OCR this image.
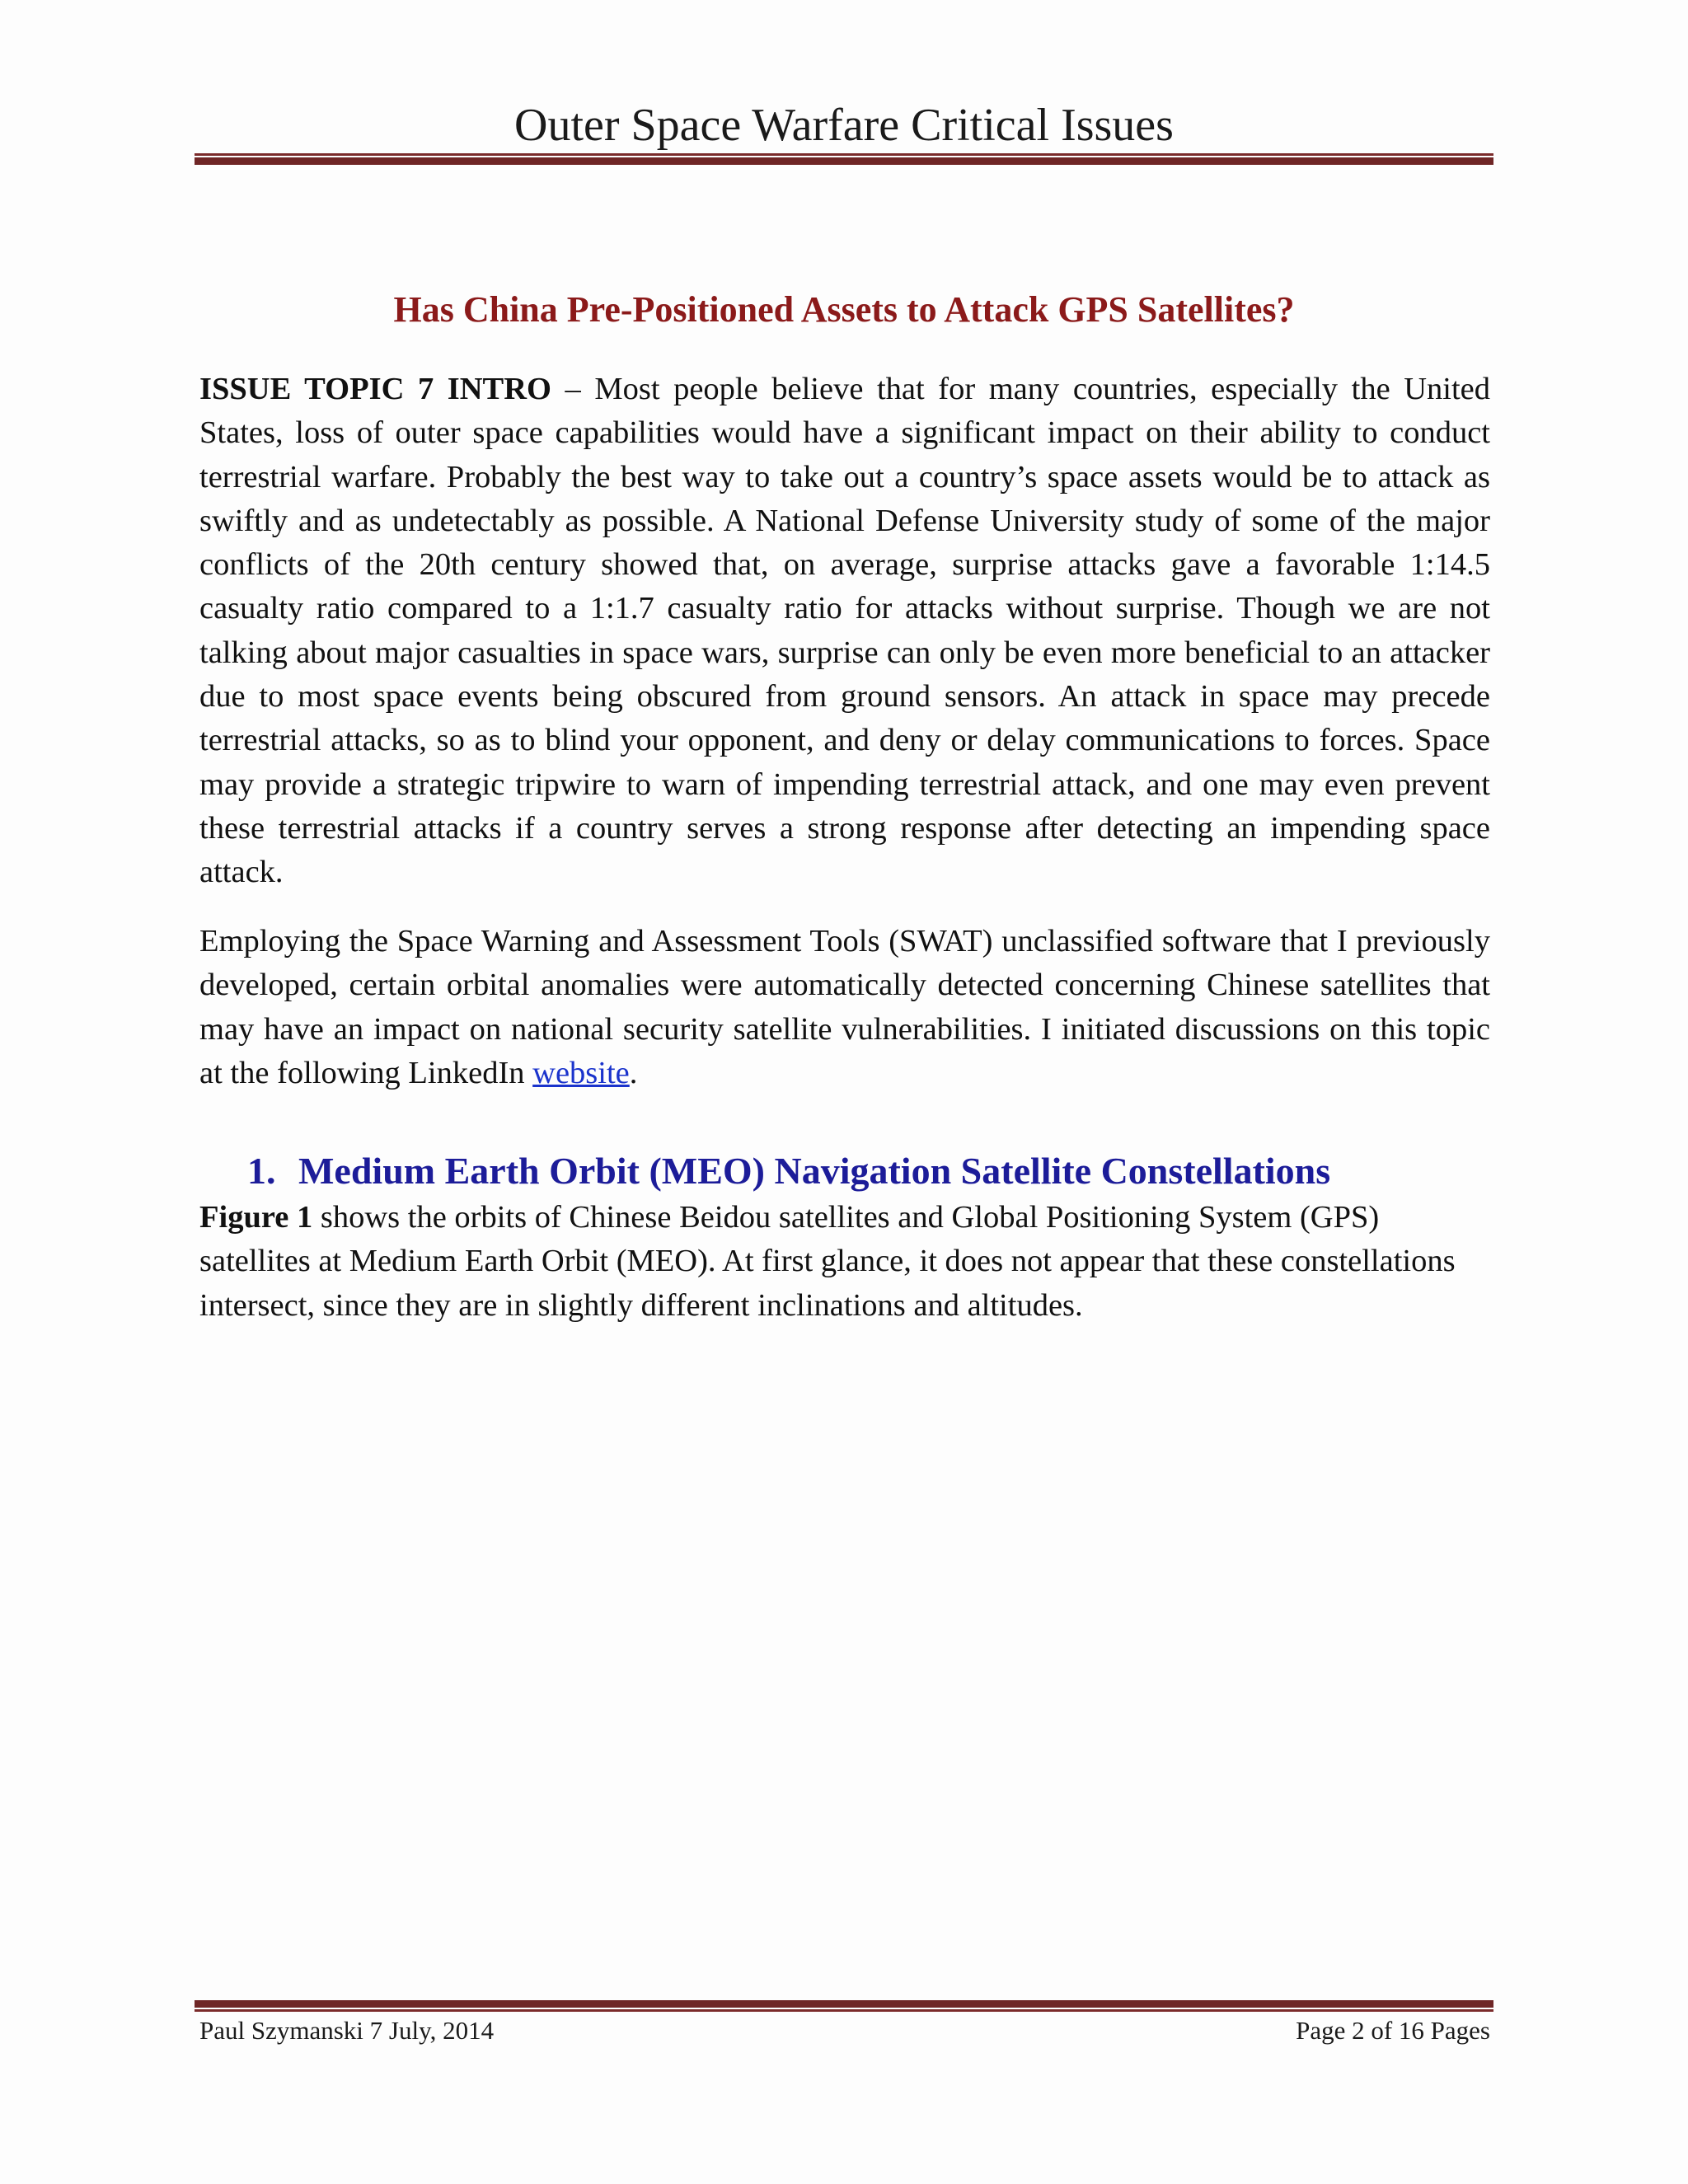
Outer Space Warfare Critical Issues
Has China Pre-Positioned Assets to Attack GPS Satellites?

ISSUE TOPIC 7 INTRO – Most people believe that for many countries, especially the United States, loss of outer space capabilities would have a significant impact on their ability to conduct terrestrial warfare. Probably the best way to take out a country’s space assets would be to attack as swiftly and as undetectably as possible. A National Defense University study of some of the major conflicts of the 20th century showed that, on average, surprise attacks gave a favorable 1:14.5 casualty ratio compared to a 1:1.7 casualty ratio for attacks without surprise. Though we are not talking about major casualties in space wars, surprise can only be even more beneficial to an attacker due to most space events being obscured from ground sensors. An attack in space may precede terrestrial attacks, so as to blind your opponent, and deny or delay communications to forces. Space may provide a strategic tripwire to warn of impending terrestrial attack, and one may even prevent these terrestrial attacks if a country serves a strong response after detecting an impending space attack.

Employing the Space Warning and Assessment Tools (SWAT) unclassified software that I previously developed, certain orbital anomalies were automatically detected concerning Chinese satellites that may have an impact on national security satellite vulnerabilities. I initiated discussions on this topic at the following LinkedIn website.

1. Medium Earth Orbit (MEO) Navigation Satellite Constellations

Figure 1 shows the orbits of Chinese Beidou satellites and Global Positioning System (GPS) satellites at Medium Earth Orbit (MEO). At first glance, it does not appear that these constellations intersect, since they are in slightly different inclinations and altitudes.

Paul Szymanski 7 July, 2014	Page 2 of 16 Pages
